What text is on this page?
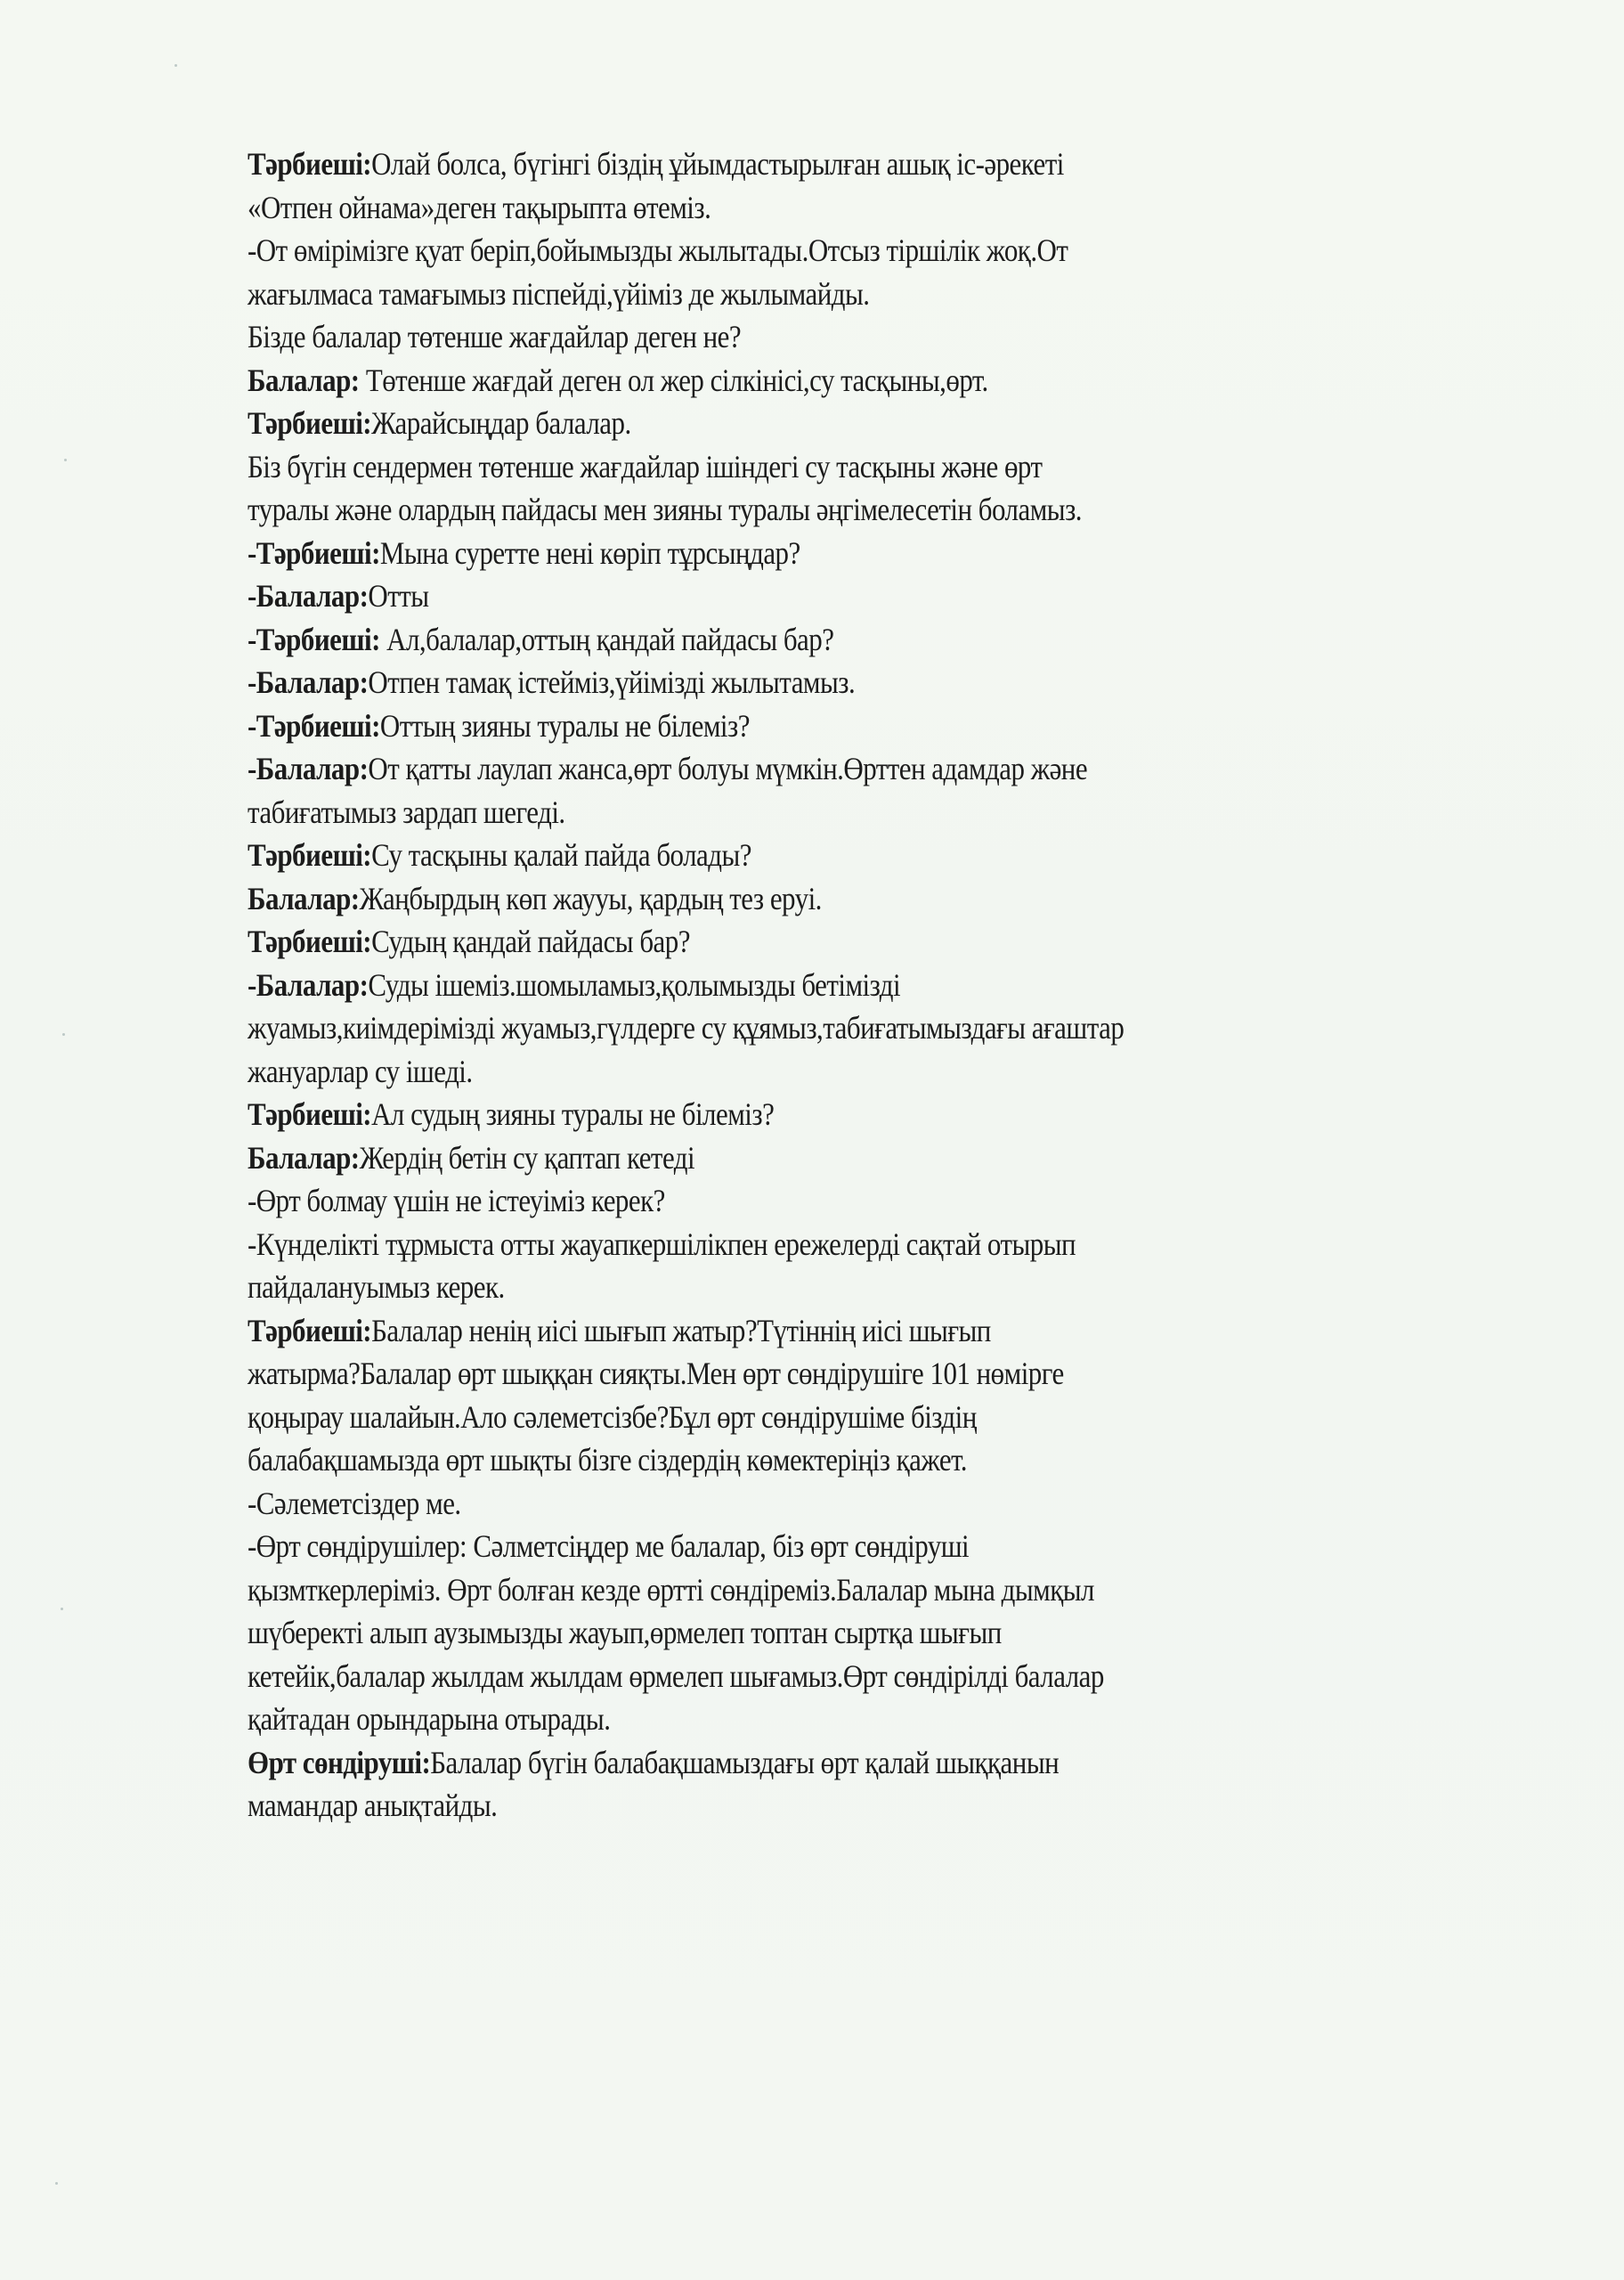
Тәрбиеші:Олай болса, бүгінгі біздің ұйымдастырылған ашық іс-әрекеті
«Отпен ойнама»деген тақырыпта өтеміз.
-От өмірімізге қуат беріп,бойымызды жылытады.Отсыз тіршілік жоқ.От
жағылмаса тамағымыз піспейді,үйіміз де жылымайды.
Бізде балалар төтенше жағдайлар деген не?
Балалар: Төтенше жағдай деген ол жер сілкінісі,су тасқыны,өрт.
Тәрбиеші:Жарайсыңдар балалар.
Біз бүгін сендермен төтенше жағдайлар ішіндегі су тасқыны және өрт
туралы және олардың пайдасы мен зияны туралы әңгімелесетін боламыз.
-Тәрбиеші:Мына суретте нені көріп тұрсыңдар?
-Балалар:Отты
-Тәрбиеші: Ал,балалар,оттың қандай пайдасы бар?
-Балалар:Отпен тамақ істейміз,үйімізді жылытамыз.
-Тәрбиеші:Оттың зияны туралы не білеміз?
-Балалар:От қатты лаулап жанса,өрт болуы мүмкін.Өрттен адамдар және
табиғатымыз зардап шегеді.
Тәрбиеші:Су тасқыны қалай пайда болады?
Балалар:Жаңбырдың көп жаууы, қардың тез еруі.
Тәрбиеші:Судың қандай пайдасы бар?
-Балалар:Суды ішеміз.шомыламыз,қолымызды бетімізді
жуамыз,киімдерімізді жуамыз,гүлдерге су құямыз,табиғатымыздағы ағаштар
жануарлар су ішеді.
Тәрбиеші:Ал судың зияны туралы не білеміз?
Балалар:Жердің бетін су қаптап кетеді
-Өрт болмау үшін не істеуіміз керек?
-Күнделікті тұрмыста отты жауапкершілікпен ережелерді сақтай отырып
пайдалануымыз керек.
Тәрбиеші:Балалар ненің иісі шығып жатыр?Түтіннің иісі шығып
жатырма?Балалар өрт шыққан сияқты.Мен өрт сөндірушіге 101 нөмірге
қоңырау шалайын.Ало сәлеметсізбе?Бұл өрт сөндірушіме біздің
балабақшамызда өрт шықты бізге сіздердің көмектеріңіз қажет.
-Сәлеметсіздер ме.
-Өрт сөндірушілер: Сәлметсіңдер ме балалар, біз өрт сөндіруші
қызмткерлеріміз. Өрт болған кезде өртті сөндіреміз.Балалар мына дымқыл
шүберекті алып аузымызды жауып,өрмелеп топтан сыртқа шығып
кетейік,балалар жылдам жылдам өрмелеп шығамыз.Өрт сөндірілді балалар
қайтадан орындарына отырады.
Өрт сөндіруші:Балалар бүгін балабақшамыздағы өрт қалай шыққанын
мамандар анықтайды.
